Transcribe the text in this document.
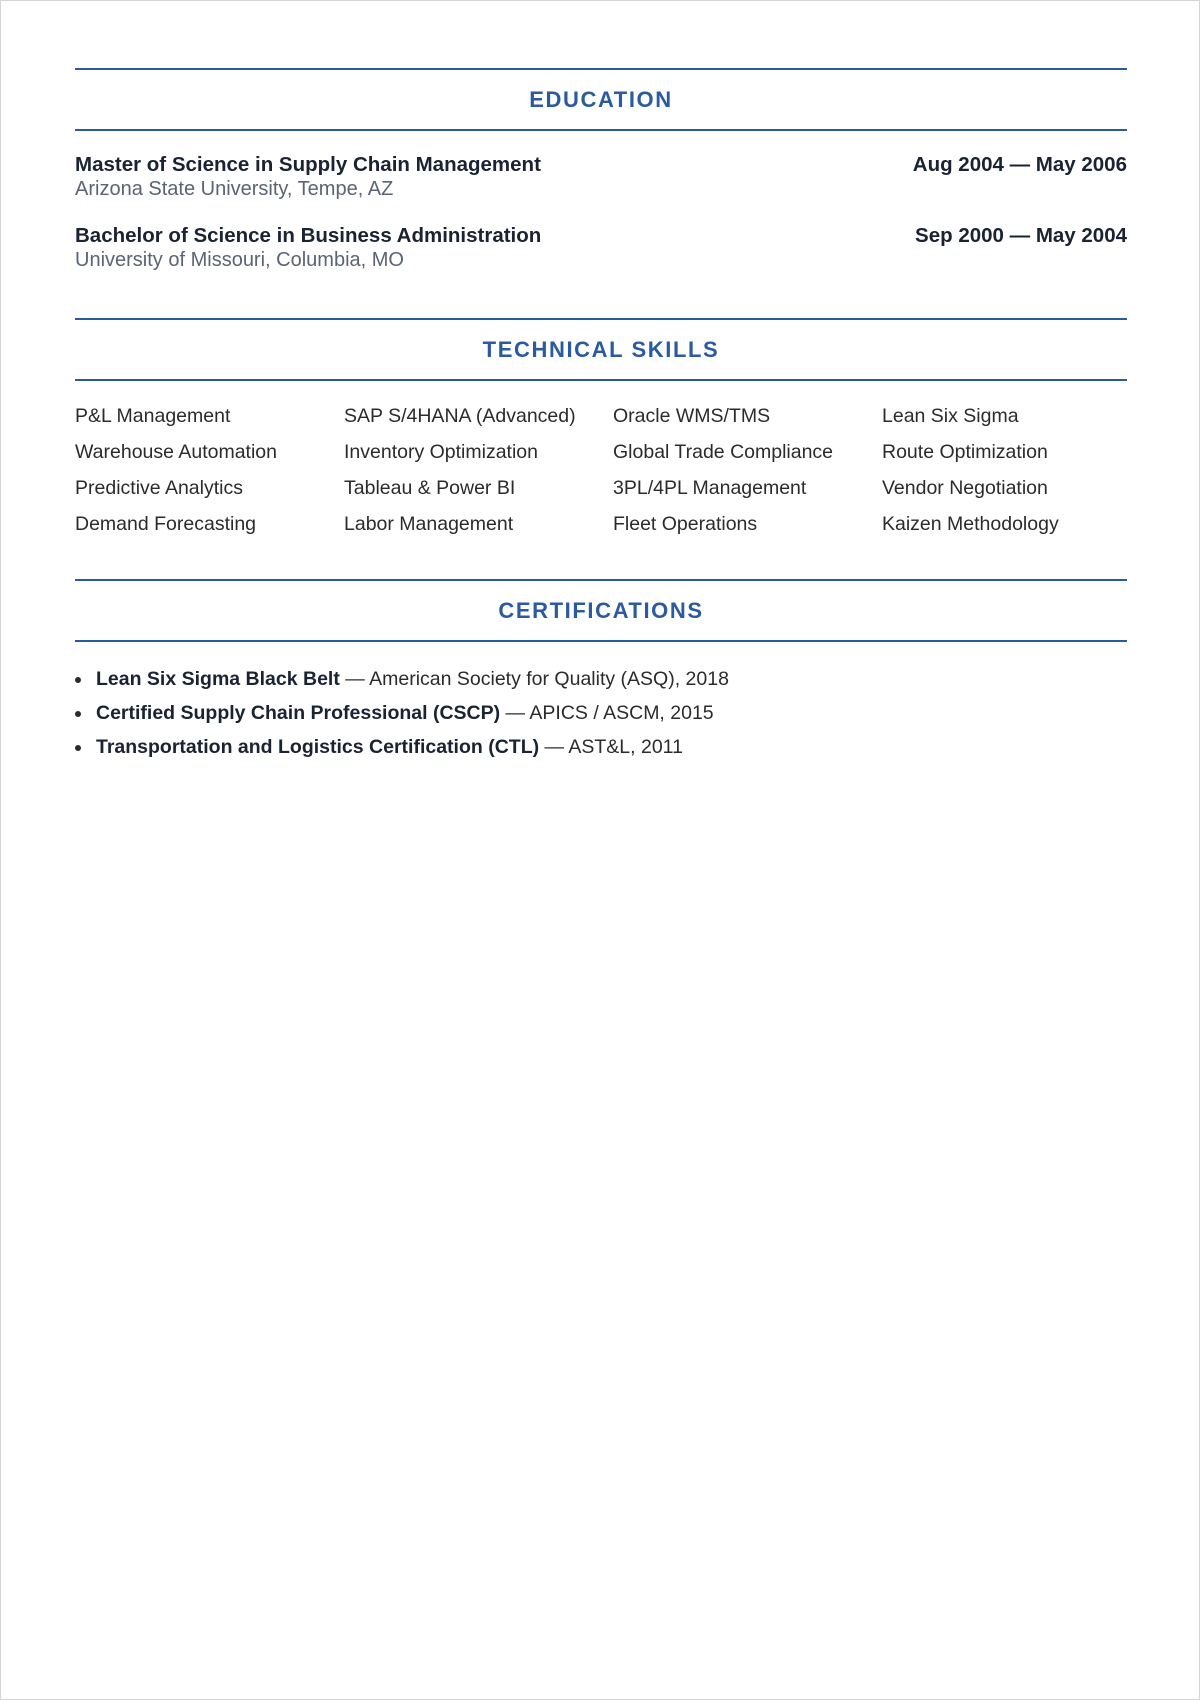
EDUCATION
Master of Science in Supply Chain Management	Aug 2004 — May 2006
Arizona State University, Tempe, AZ
Bachelor of Science in Business Administration	Sep 2000 — May 2004
University of Missouri, Columbia, MO
TECHNICAL SKILLS
P&L Management	SAP S/4HANA (Advanced)	Oracle WMS/TMS	Lean Six Sigma
Warehouse Automation	Inventory Optimization	Global Trade Compliance	Route Optimization
Predictive Analytics	Tableau & Power BI	3PL/4PL Management	Vendor Negotiation
Demand Forecasting	Labor Management	Fleet Operations	Kaizen Methodology
CERTIFICATIONS
Lean Six Sigma Black Belt — American Society for Quality (ASQ), 2018
Certified Supply Chain Professional (CSCP) — APICS / ASCM, 2015
Transportation and Logistics Certification (CTL) — AST&L, 2011
